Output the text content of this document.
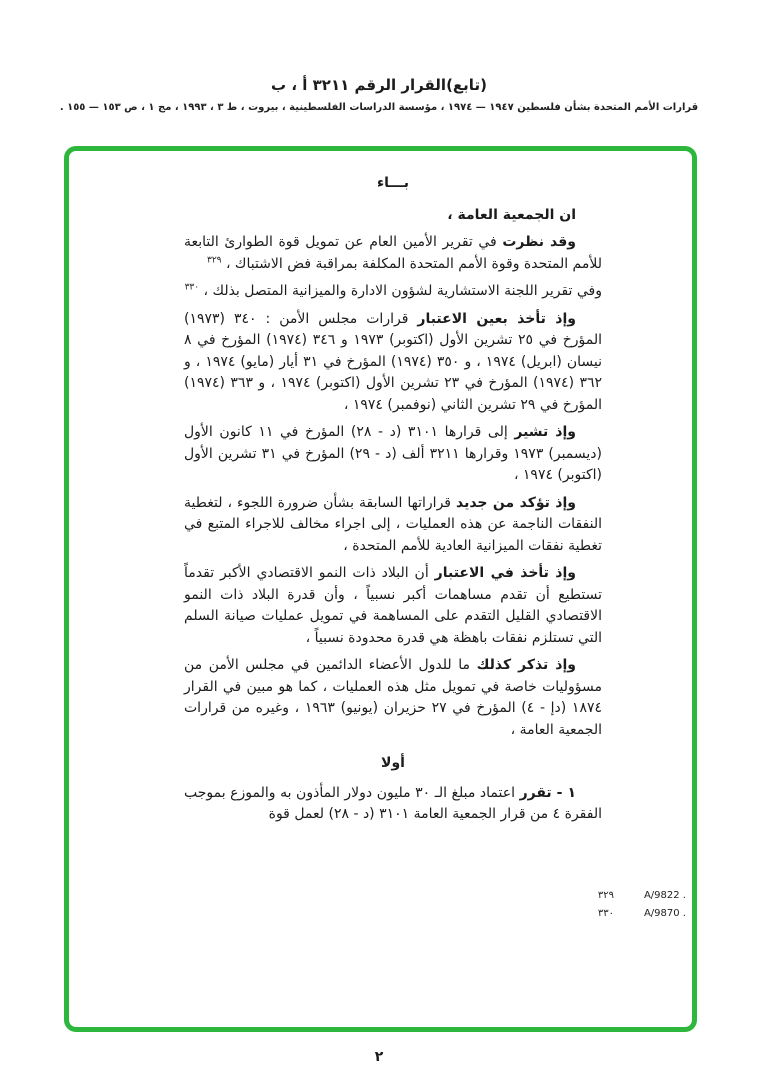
(تابع)القرار الرقم ٣٢١١ أ ، ب
قرارات الأمم المتحدة بشأن فلسطين ١٩٤٧ — ١٩٧٤ ، مؤسسة الدراسات الفلسطينية ، بيروت ، ط ٣ ، ١٩٩٣ ، مج ١ ، ص ١٥٣ — ١٥٥ .
بـــاء

ان الجمعية العامة ،

وقد نظرت في تقرير الأمين العام عن تمويل قوة الطوارئ التابعة للأمم المتحدة وقوة الأمم المتحدة المكلفة بمراقبة فض الاشتباك ، $^{٣٢٩}$

وفي تقرير اللجنة الاستشارية لشؤون الادارة والميزانية المتصل بذلك ، $^{٣٣٠}$

وإذ تأخذ بعين الاعتبار قرارات مجلس الأمن : ٣٤٠ (١٩٧٣) المؤرخ في ٢٥ تشرين الأول (اكتوبر) ١٩٧٣ و ٣٤٦ (١٩٧٤) المؤرخ في ٨ نيسان (ابريل) ١٩٧٤ ، و ٣٥٠ (١٩٧٤) المؤرخ في ٣١ أيار (مايو) ١٩٧٤ ، و ٣٦٢ (١٩٧٤) المؤرخ في ٢٣ تشرين الأول (اكتوبر) ١٩٧٤ ، و ٣٦٣ (١٩٧٤) المؤرخ في ٢٩ تشرين الثاني (نوفمبر) ١٩٧٤ ،

وإذ تشير إلى قرارها ٣١٠١ (د - ٢٨) المؤرخ في ١١ كانون الأول (ديسمبر) ١٩٧٣ وقرارها ٣٢١١ ألف (د - ٢٩) المؤرخ في ٣١ تشرين الأول (اكتوبر) ١٩٧٤ ،

وإذ تؤكد من جديد قراراتها السابقة بشأن ضرورة اللجوء ، لتغطية النفقات الناجمة عن هذه العمليات ، إلى اجراء مخالف للاجراء المتبع في تغطية نفقات الميزانية العادية للأمم المتحدة ،

وإذ تأخذ في الاعتبار أن البلاد ذات النمو الاقتصادي الأكبر تقدماً تستطيع أن تقدم مساهمات أكبر نسبياً ، وأن قدرة البلاد ذات النمو الاقتصادي القليل التقدم على المساهمة في تمويل عمليات صيانة السلم التي تستلزم نفقات باهظة هي قدرة محدودة نسبياً ،

وإذ تذكر كذلك ما للدول الأعضاء الدائمين في مجلس الأمن من مسؤوليات خاصة في تمويل مثل هذه العمليات ، كما هو مبين في القرار ١٨٧٤ (دإ - ٤) المؤرخ في ٢٧ حزيران (يونيو) ١٩٦٣ ، وغيره من قرارات الجمعية العامة ،

أولا

١ - تقرر اعتماد مبلغ الـ ٣٠ مليون دولار المأذون به والموزع بموجب الفقرة ٤ من قرار الجمعية العامة ٣١٠١ (د - ٢٨) لعمل قوة

٣٢٩	A/9822 .
٣٣٠	A/9870 .
٢
